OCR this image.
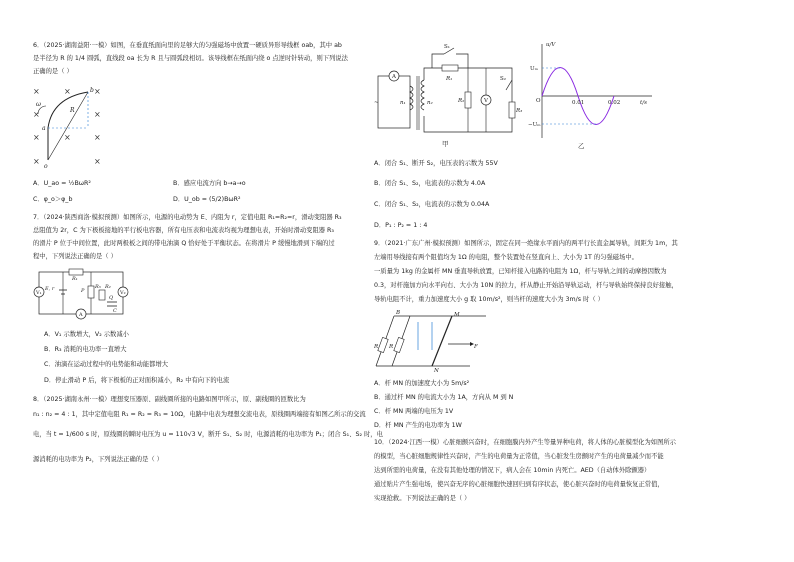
6．（2025·湖南益阳·一模）如图，在垂直纸面向里的足够大的匀强磁场中放置一硬质异形导线框 oab，其中 ab
是半径为 R 的 1/4 圆弧，直线段 oa 长为 R 且与圆弧段相切。该导线框在纸面内绕 o 点逆时针转动，则下列说法
正确的是（ ）
×	×	×
×	×
×	×	×
×	×
ω
a
b
o
R
A．U_ao = ½BωR²	B．感应电流方向 b→a→o
C．φ_o＞φ_b	D．U_ob = (5/2)BωR²
7．（2024·陕西商洛·模拟预测）如图所示，电源的电动势为 E、内阻为 r，定值电阻 R₁=R₂=r，滑动变阻器 R₃
总阻值为 2r，C 为下极板接地的平行板电容器，所有电压表和电流表均视为理想电表，开始时滑动变阻器 R₃
的滑片 P 位于中间位置，此时两极板之间的带电油滴 Q 恰好处于平衡状态。在将滑片 P 缓慢地滑到下端的过
程中，下列说法正确的是（ ）
V₁	V₂
A
R₁
R₃ R₂
E, r	P
C
Q
A．V₁ 示数增大，V₂ 示数减小
B．R₃ 消耗的电功率一直增大
C．油滴在运动过程中的电势能和动能都增大
D．停止滑动 P 后，将下极板的正对面积减小，R₂ 中有向下的电流
8．（2025·湖南永州·一模）理想变压器原、副线圈所接的电路如图甲所示，原、副线圈的匝数比为
n₁ : n₂ = 4 : 1，其中定值电阻 R₁ = R₂ = R₃ = 10Ω，电路中电表为理想交流电表，原线圈两端接有如图乙所示的交流
电，当 t = 1/600 s 时，原线圈的瞬时电压为 u = 110√3 V，断开 S₁、S₂ 时，电源消耗的电功率为 P₁；闭合 S₁、S₂ 时，电
源消耗的电功率为 P₂，下列说法正确的是（ ）
A
V
S₁
S₂
n₁	n₂
R₁
R₂
R₃
~
甲
u/V
t/s
Uₘ
−Uₘ
O	0.01	0.02
乙
A．闭合 S₁、断开 S₂，电压表的示数为 55V
B．闭合 S₁、S₂，电流表的示数为 4.0A
C．闭合 S₁、S₂，电流表的示数为 0.04A
D．P₁ : P₂ = 1 : 4
9．（2021·广东广州·模拟预测）如图所示，固定在同一绝缘水平面内的两平行长直金属导轨，间距为 1m，其
左端用导线接有两个阻值均为 1Ω 的电阻，整个装置处在竖直向上、大小为 1T 的匀强磁场中。
一质量为 1kg 的金属杆 MN 垂直导轨放置，已知杆接入电路的电阻为 1Ω，杆与导轨之间的动摩擦因数为
0.3，对杆施加方向水平向右、大小为 10N 的拉力，杆从静止开始沿导轨运动，杆与导轨始终保持良好接触，
导轨电阻不计，重力加速度大小 g 取 10m/s²，则当杆的速度大小为 3m/s 时（ ）
B	M
N
F
R R
A．杆 MN 的加速度大小为 5m/s²
B．通过杆 MN 的电流大小为 1A，方向从 M 到 N
C．杆 MN 两端的电压为 1V
D．杆 MN 产生的电功率为 1W
10．（2024·江西·一模）心脏细颤兴奋时，在细胞膜内外产生等量异种电荷，将人体的心脏模型化为如图所示
的模型，当心脏细胞规律性兴奋时，产生的电荷量为正常值，当心脏发生房颤时产生的电荷量减少而不能
达到所需的电荷量，在没有其他处理的情况下，病人会在 10min 内死亡。AED（自动体外除颤器）
通过贴片产生强电场，使兴奋无序的心脏细胞快速回归到有序状态，使心脏兴奋时的电荷量恢复正常值，
实现抢救。下列说法正确的是（ ）
